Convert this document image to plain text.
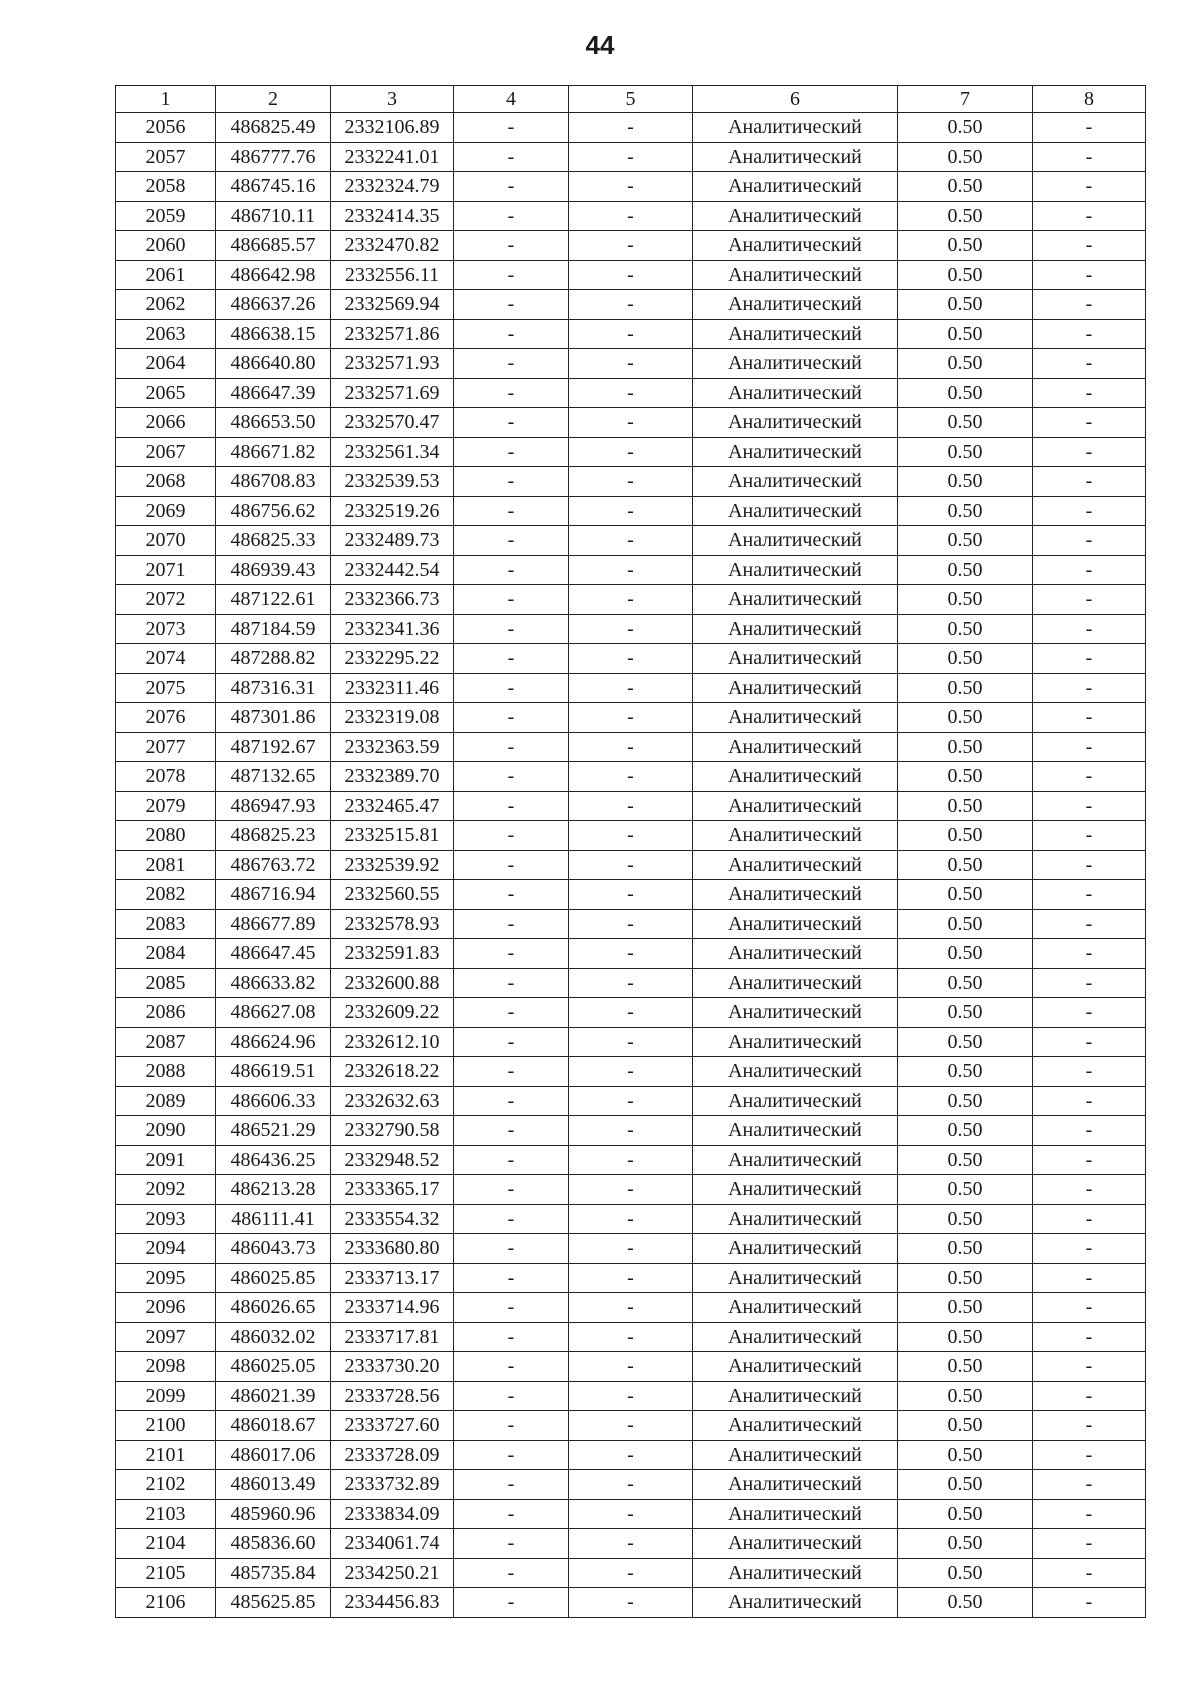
44
1	2	3	4	5	6	7	8
2056	486825.49	2332106.89	-	-	Аналитический	0.50	-
2057	486777.76	2332241.01	-	-	Аналитический	0.50	-
2058	486745.16	2332324.79	-	-	Аналитический	0.50	-
2059	486710.11	2332414.35	-	-	Аналитический	0.50	-
2060	486685.57	2332470.82	-	-	Аналитический	0.50	-
2061	486642.98	2332556.11	-	-	Аналитический	0.50	-
2062	486637.26	2332569.94	-	-	Аналитический	0.50	-
2063	486638.15	2332571.86	-	-	Аналитический	0.50	-
2064	486640.80	2332571.93	-	-	Аналитический	0.50	-
2065	486647.39	2332571.69	-	-	Аналитический	0.50	-
2066	486653.50	2332570.47	-	-	Аналитический	0.50	-
2067	486671.82	2332561.34	-	-	Аналитический	0.50	-
2068	486708.83	2332539.53	-	-	Аналитический	0.50	-
2069	486756.62	2332519.26	-	-	Аналитический	0.50	-
2070	486825.33	2332489.73	-	-	Аналитический	0.50	-
2071	486939.43	2332442.54	-	-	Аналитический	0.50	-
2072	487122.61	2332366.73	-	-	Аналитический	0.50	-
2073	487184.59	2332341.36	-	-	Аналитический	0.50	-
2074	487288.82	2332295.22	-	-	Аналитический	0.50	-
2075	487316.31	2332311.46	-	-	Аналитический	0.50	-
2076	487301.86	2332319.08	-	-	Аналитический	0.50	-
2077	487192.67	2332363.59	-	-	Аналитический	0.50	-
2078	487132.65	2332389.70	-	-	Аналитический	0.50	-
2079	486947.93	2332465.47	-	-	Аналитический	0.50	-
2080	486825.23	2332515.81	-	-	Аналитический	0.50	-
2081	486763.72	2332539.92	-	-	Аналитический	0.50	-
2082	486716.94	2332560.55	-	-	Аналитический	0.50	-
2083	486677.89	2332578.93	-	-	Аналитический	0.50	-
2084	486647.45	2332591.83	-	-	Аналитический	0.50	-
2085	486633.82	2332600.88	-	-	Аналитический	0.50	-
2086	486627.08	2332609.22	-	-	Аналитический	0.50	-
2087	486624.96	2332612.10	-	-	Аналитический	0.50	-
2088	486619.51	2332618.22	-	-	Аналитический	0.50	-
2089	486606.33	2332632.63	-	-	Аналитический	0.50	-
2090	486521.29	2332790.58	-	-	Аналитический	0.50	-
2091	486436.25	2332948.52	-	-	Аналитический	0.50	-
2092	486213.28	2333365.17	-	-	Аналитический	0.50	-
2093	486111.41	2333554.32	-	-	Аналитический	0.50	-
2094	486043.73	2333680.80	-	-	Аналитический	0.50	-
2095	486025.85	2333713.17	-	-	Аналитический	0.50	-
2096	486026.65	2333714.96	-	-	Аналитический	0.50	-
2097	486032.02	2333717.81	-	-	Аналитический	0.50	-
2098	486025.05	2333730.20	-	-	Аналитический	0.50	-
2099	486021.39	2333728.56	-	-	Аналитический	0.50	-
2100	486018.67	2333727.60	-	-	Аналитический	0.50	-
2101	486017.06	2333728.09	-	-	Аналитический	0.50	-
2102	486013.49	2333732.89	-	-	Аналитический	0.50	-
2103	485960.96	2333834.09	-	-	Аналитический	0.50	-
2104	485836.60	2334061.74	-	-	Аналитический	0.50	-
2105	485735.84	2334250.21	-	-	Аналитический	0.50	-
2106	485625.85	2334456.83	-	-	Аналитический	0.50	-
